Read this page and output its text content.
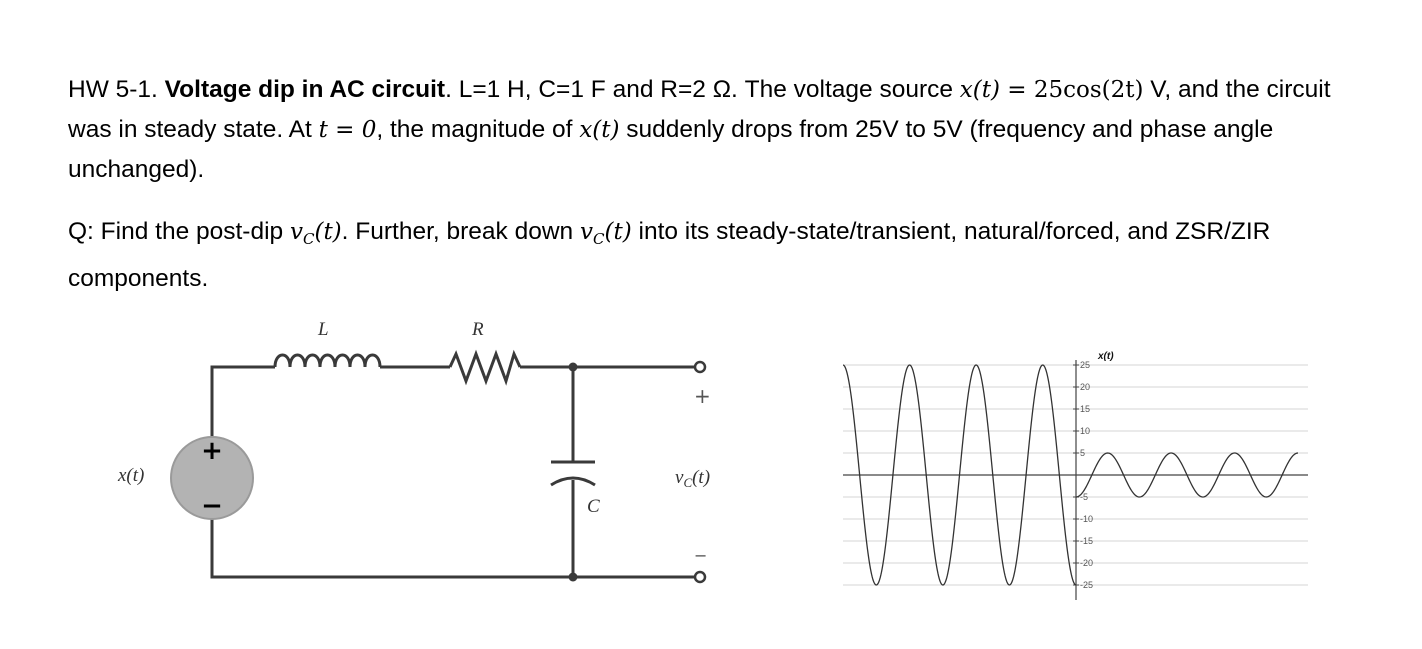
HW 5-1. Voltage dip in AC circuit. L=1 H, C=1 F and R=2 Ω. The voltage source x(t) = 25cos(2t) V, and the circuit was in steady state. At t = 0, the magnitude of x(t) suddenly drops from 25V to 5V (frequency and phase angle unchanged).

Q: Find the post-dip $v_C(t)$. Further, break down $v_C(t)$ into its steady-state/transient, natural/forced, and ZSR/ZIR components.

+
−
L	R
C
x(t)
+
−
$v_C(t)$
25
20
15
10
5
-5
-10
-15
-20
-25
x(t)
